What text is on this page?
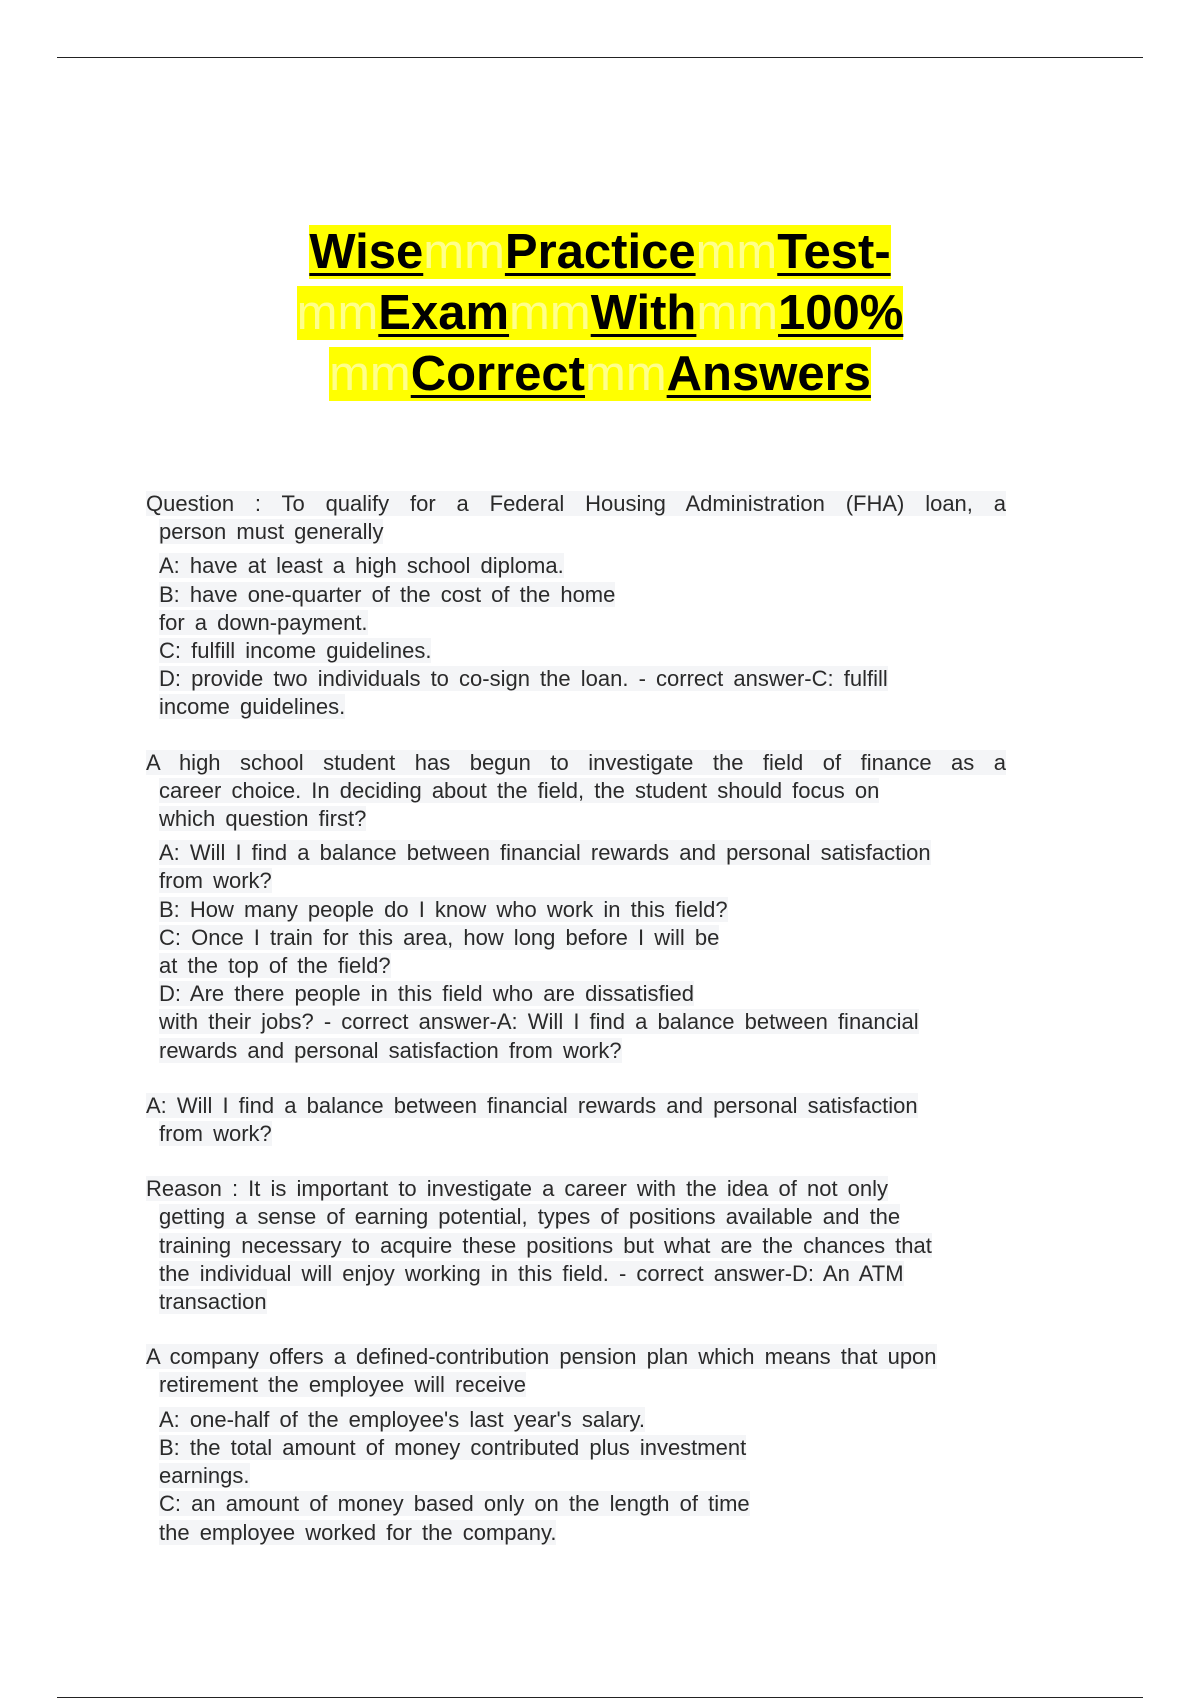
WisemmPracticemmTest-

mmExammmWithmm100%

mmCorrectmmAnswers

Question : To qualify for a Federal Housing Administration (FHA) loan, a

person must generally

A: have at least a high school diploma.

B: have one-quarter of the cost of the home

for a down-payment.

C: fulfill income guidelines.

D: provide two individuals to co-sign the loan. - correct answer-C: fulfill

income guidelines.

A high school student has begun to investigate the field of finance as a

career choice. In deciding about the field, the student should focus on

which question first?

A: Will I find a balance between financial rewards and personal satisfaction

from work?

B: How many people do I know who work in this field?

C: Once I train for this area, how long before I will be

at the top of the field?

D: Are there people in this field who are dissatisfied

with their jobs? - correct answer-A: Will I find a balance between financial

rewards and personal satisfaction from work?

A: Will I find a balance between financial rewards and personal satisfaction

from work?

Reason : It is important to investigate a career with the idea of not only

getting a sense of earning potential, types of positions available and the

training necessary to acquire these positions but what are the chances that

the individual will enjoy working in this field. - correct answer-D: An ATM

transaction

A company offers a defined-contribution pension plan which means that upon

retirement the employee will receive

A: one-half of the employee's last year's salary.

B: the total amount of money contributed plus investment

earnings.

C: an amount of money based only on the length of time

the employee worked for the company.
